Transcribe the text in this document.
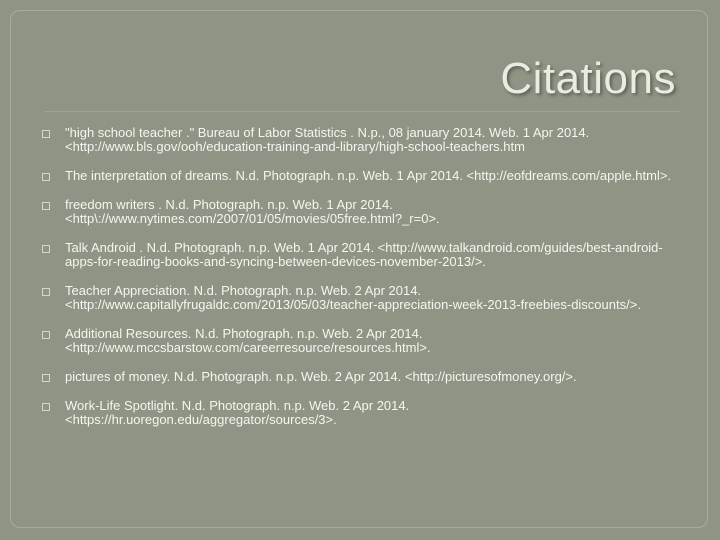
Citations
"high school teacher ." Bureau of Labor Statistics . N.p., 08 january 2014. Web. 1 Apr 2014. <http://www.bls.gov/ooh/education-training-and-library/high-school-teachers.htm
The interpretation of dreams. N.d. Photograph. n.p. Web. 1 Apr 2014. <http://eofdreams.com/apple.html>.
freedom writers . N.d. Photograph. n.p. Web. 1 Apr 2014. <http\://www.nytimes.com/2007/01/05/movies/05free.html?_r=0>.
Talk Android . N.d. Photograph. n.p. Web. 1 Apr 2014. <http://www.talkandroid.com/guides/best-android-apps-for-reading-books-and-syncing-between-devices-november-2013/>.
Teacher Appreciation. N.d. Photograph. n.p. Web. 2 Apr 2014. <http://www.capitallyfrugaldc.com/2013/05/03/teacher-appreciation-week-2013-freebies-discounts/>.
Additional Resources. N.d. Photograph. n.p. Web. 2 Apr 2014. <http://www.mccsbarstow.com/careerresource/resources.html>.
pictures of money. N.d. Photograph. n.p. Web. 2 Apr 2014. <http://picturesofmoney.org/>.
Work-Life Spotlight. N.d. Photograph. n.p. Web. 2 Apr 2014. <https://hr.uoregon.edu/aggregator/sources/3>.
